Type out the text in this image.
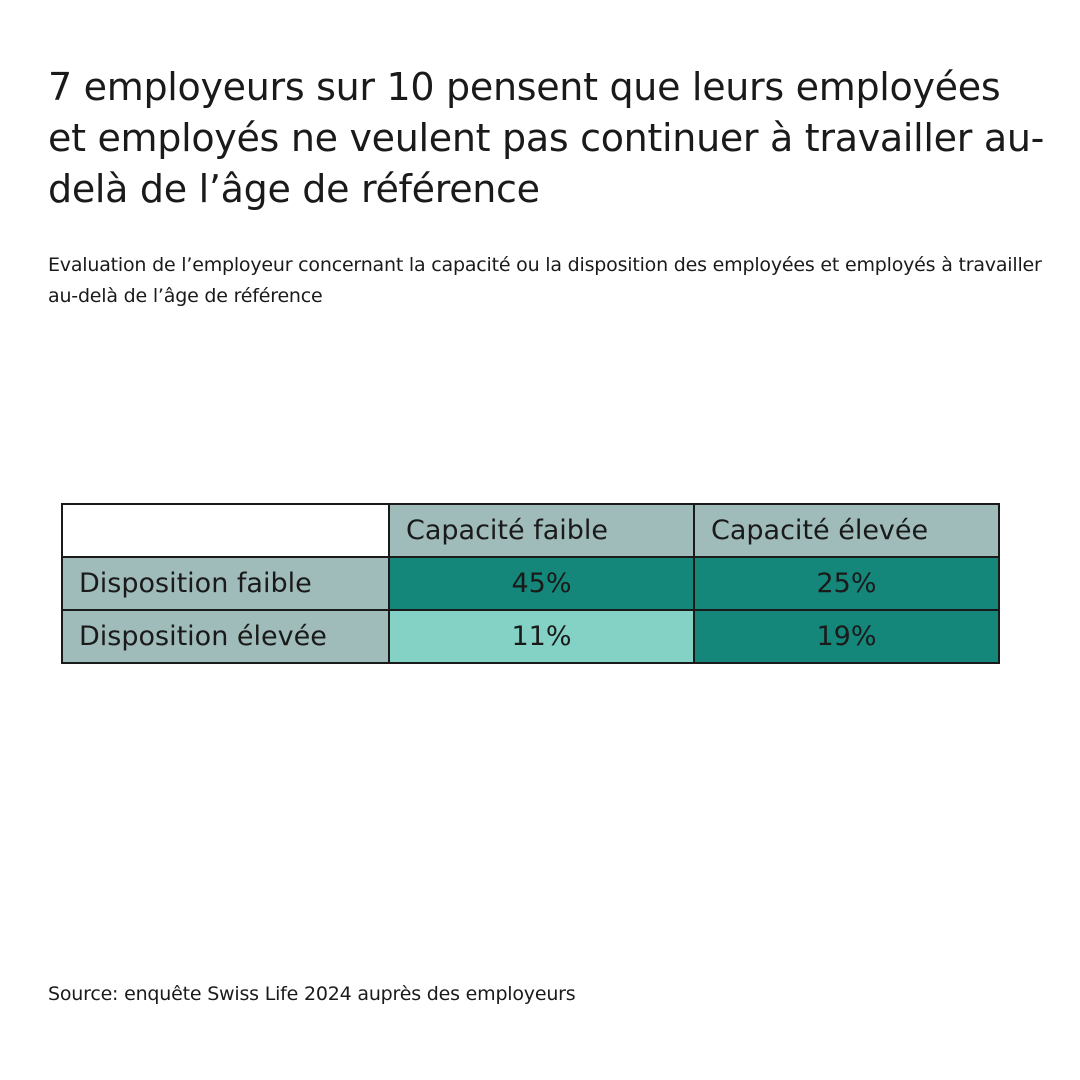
7 employeurs sur 10 pensent que leurs employées et employés ne veulent pas continuer à travailler au-delà de l’âge de référence

Evaluation de l’employeur concernant la capacité ou la disposition des employées et employés à travailler au-delà de l’âge de référence

	Capacité faible	Capacité élevée
Disposition faible	45%	25%
Disposition élevée	11%	19%

Source: enquête Swiss Life 2024 auprès des employeurs
